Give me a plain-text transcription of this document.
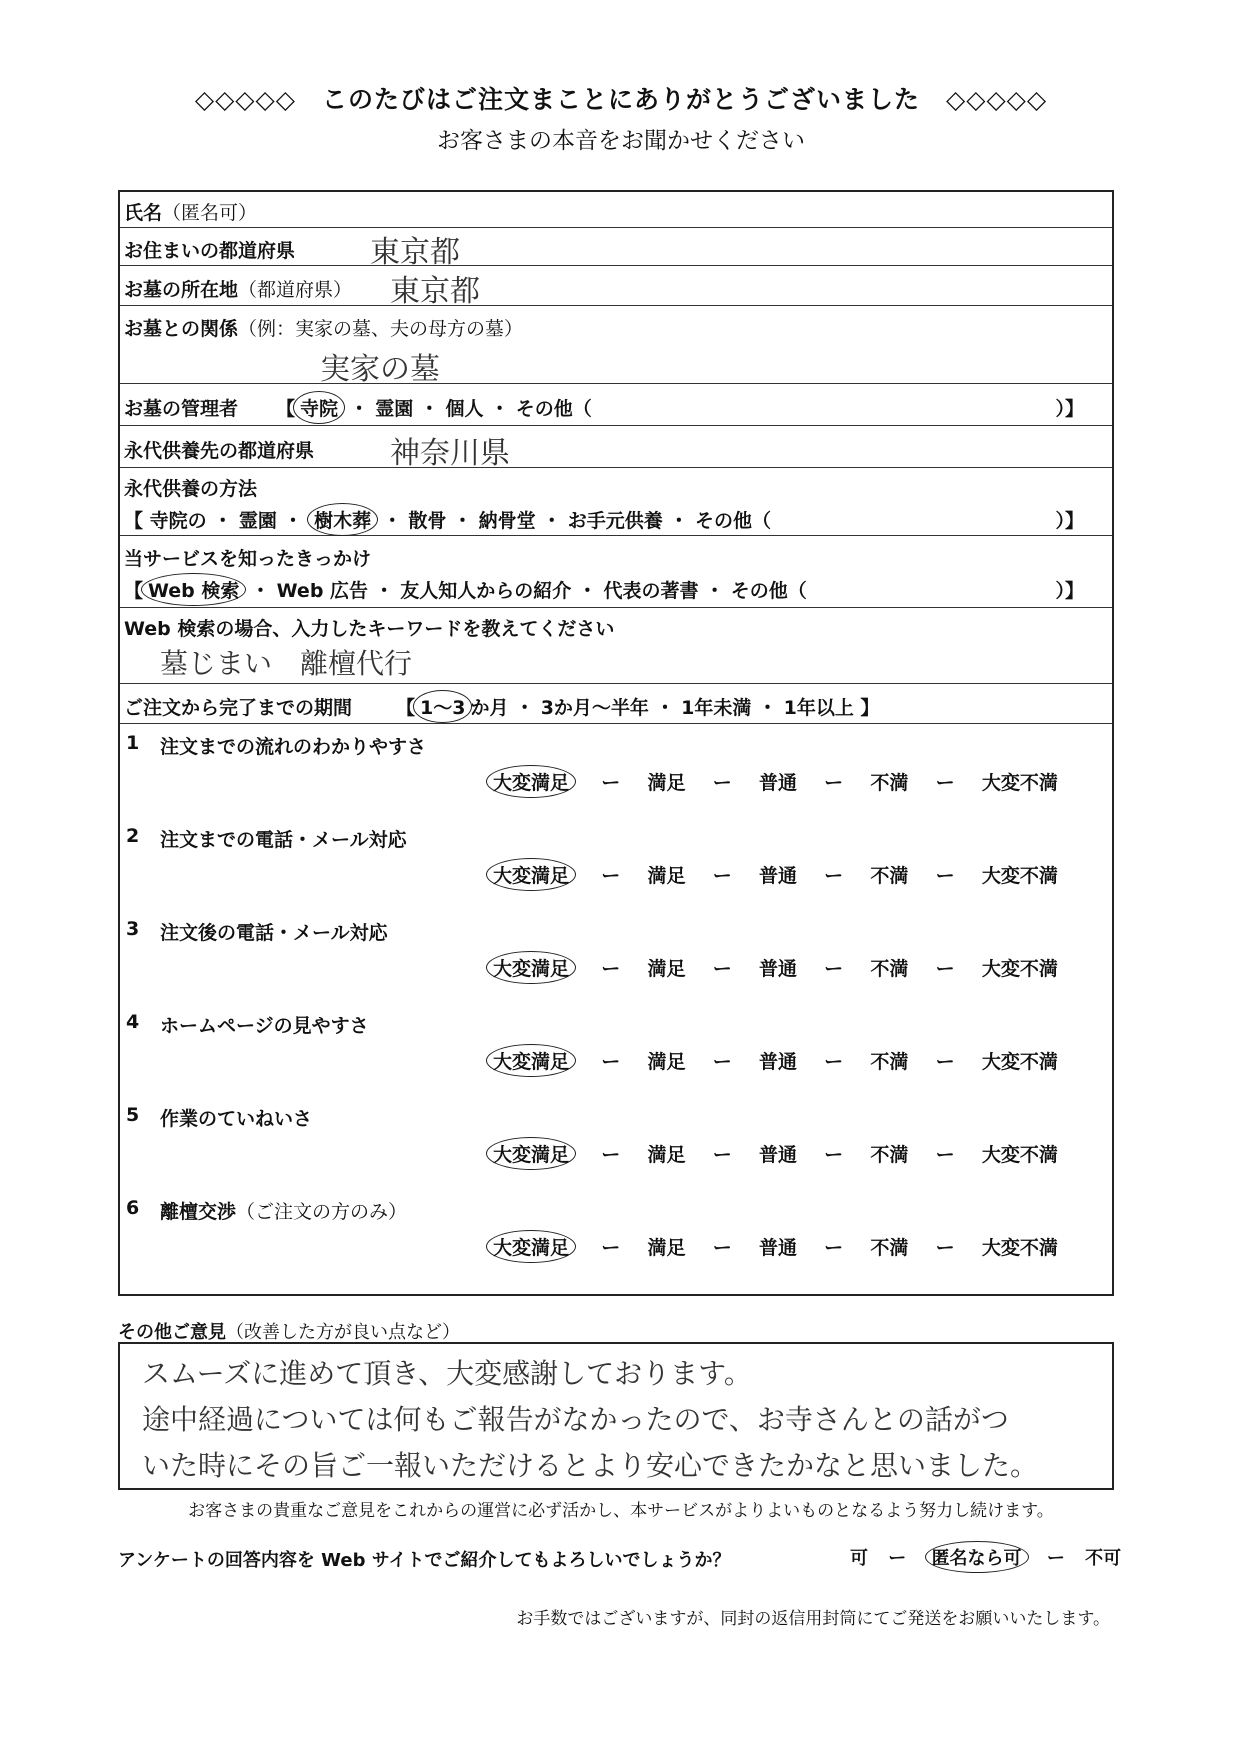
◇◇◇◇◇　このたびはご注文まことにありがとうございました　◇◇◇◇◇
お客さまの本音をお聞かせください
氏名（匿名可）
お住まいの都道府県 東京都
お墓の所在地（都道府県） 東京都
お墓との関係（例：実家の墓、夫の母方の墓）
実家の墓
お墓の管理者 【 寺院 ・ 霊園 ・ 個人 ・ その他（	）】
永代供養先の都道府県	神奈川県
永代供養の方法
【 寺院の ・ 霊園 ・ 樹木葬 ・ 散骨 ・ 納骨堂 ・ お手元供養 ・ その他（	）】
当サービスを知ったきっかけ
【 Web 検索 ・ Web 広告 ・ 友人知人からの紹介 ・ 代表の著書 ・ その他（	）】
Web 検索の場合、入力したキーワードを教えてください
墓じまい　離檀代行
ご注文から完了までの期間 【 1～3 か月 ・ 3か月～半年 ・ 1年未満 ・ 1年以上 】
1 注文までの流れのわかりやすさ
大変満足	ー 満足 ー 普通 ー 不満 ー 大変不満
2 注文までの電話・メール対応
大変満足	ー 満足 ー 普通 ー 不満 ー 大変不満
3 注文後の電話・メール対応
大変満足	ー 満足 ー 普通 ー 不満 ー 大変不満
4 ホームページの見やすさ
大変満足	ー 満足 ー 普通 ー 不満 ー 大変不満
5 作業のていねいさ
大変満足	ー 満足 ー 普通 ー 不満 ー 大変不満
6 離檀交渉（ご注文の方のみ）
大変満足	ー 満足 ー 普通 ー 不満 ー 大変不満
その他ご意見（改善した方が良い点など）
スムーズに進めて頂き、大変感謝しております。
途中経過については何もご報告がなかったので、お寺さんとの話がつ
いた時にその旨ご一報いただけるとより安心できたかなと思いました。
お客さまの貴重なご意見をこれからの運営に必ず活かし、本サービスがよりよいものとなるよう努力し続けます。
アンケートの回答内容を Web サイトでご紹介してもよろしいでしょうか？	可 ー 匿名なら可 ー 不可
お手数ではございますが、同封の返信用封筒にてご発送をお願いいたします。
